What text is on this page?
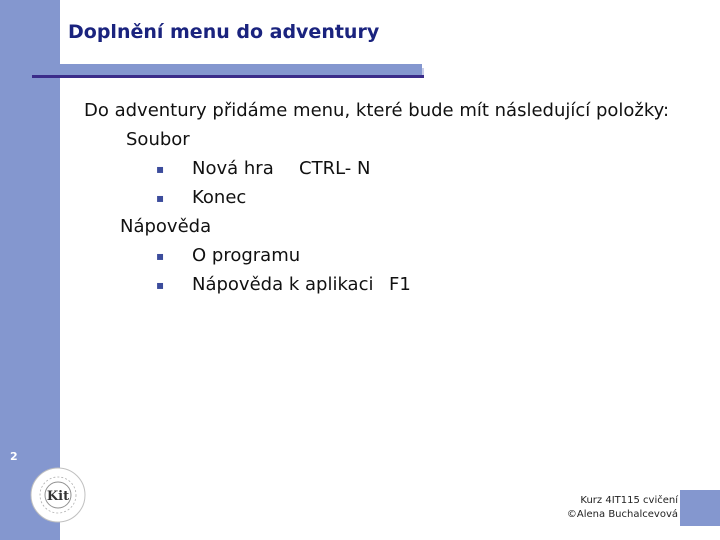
2
Kit
Doplnění menu do adventury
Do adventury přidáme menu, které bude mít následující položky:
Soubor
▪ Nová hra CTRL- N
▪ Konec
Nápověda
▪ O programu
▪ Nápověda k aplikaci F1
Kurz 4IT115 cvičení
©Alena Buchalcevová
